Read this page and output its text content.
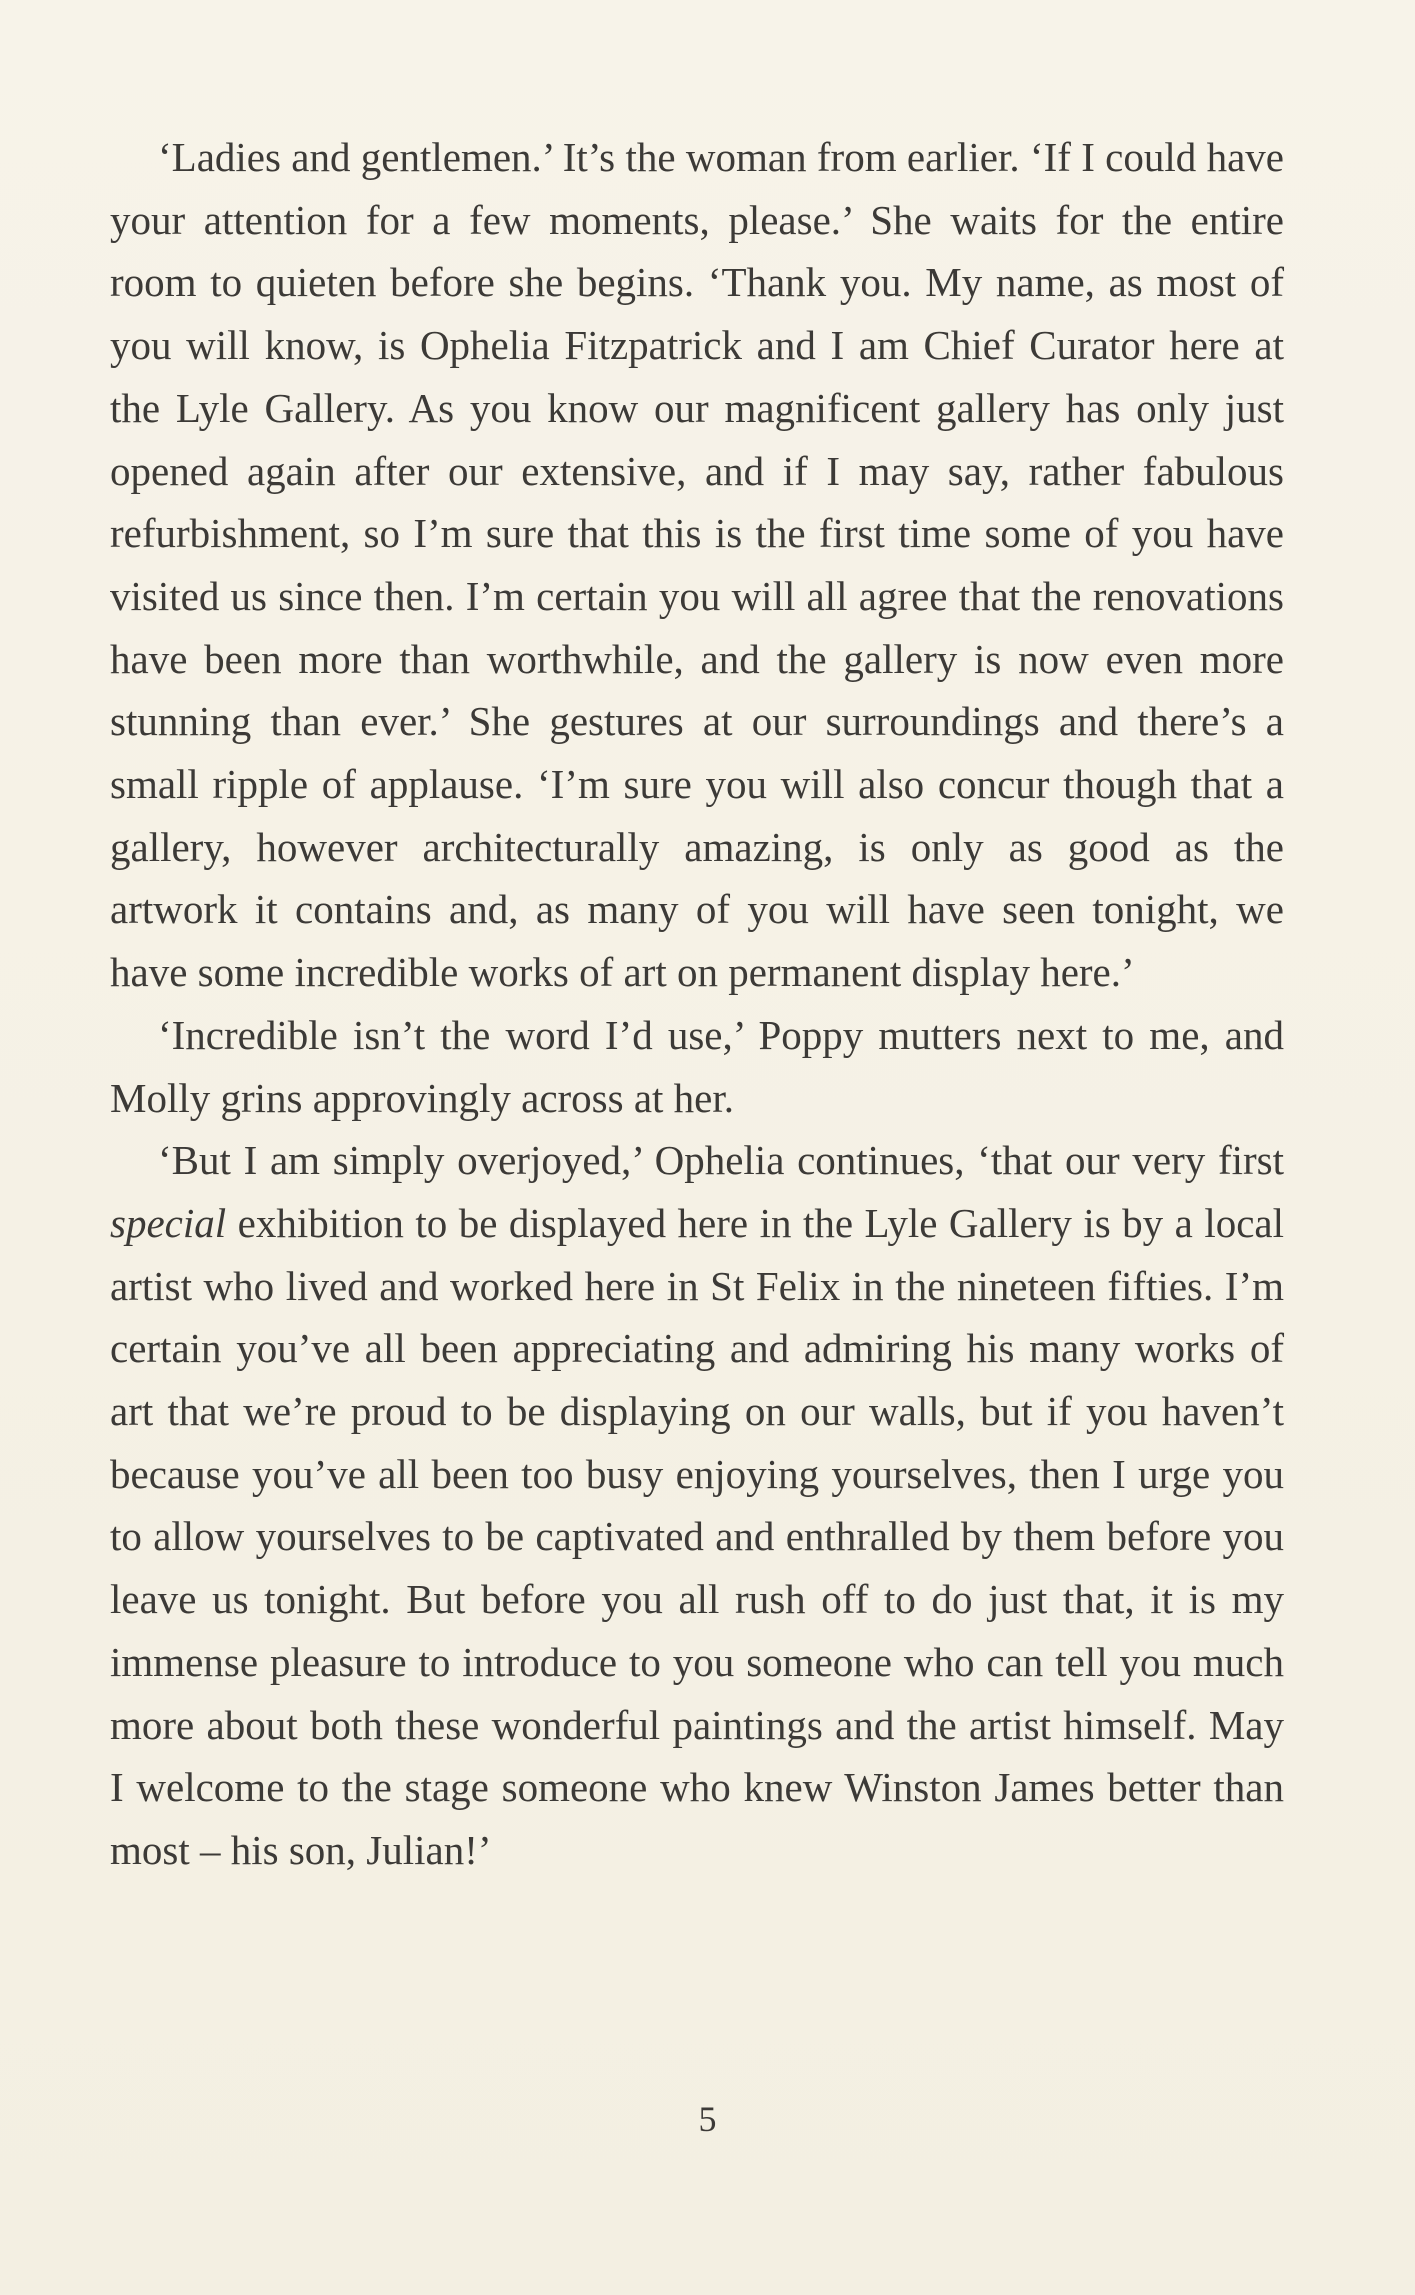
‘Ladies and gentlemen.’ It’s the woman from earlier. ‘If I could have your attention for a few moments, please.’ She waits for the entire room to quieten before she begins. ‘Thank you. My name, as most of you will know, is Ophelia Fitzpatrick and I am Chief Curator here at the Lyle Gallery. As you know our magnificent gallery has only just opened again after our extensive, and if I may say, rather fabulous refurbishment, so I’m sure that this is the first time some of you have visited us since then. I’m certain you will all agree that the renovations have been more than worthwhile, and the gallery is now even more stunning than ever.’ She gestures at our surroundings and there’s a small ripple of applause. ‘I’m sure you will also concur though that a gallery, however architecturally amazing, is only as good as the artwork it contains and, as many of you will have seen tonight, we have some incredible works of art on permanent display here.’

‘Incredible isn’t the word I’d use,’ Poppy mutters next to me, and Molly grins approvingly across at her.

‘But I am simply overjoyed,’ Ophelia continues, ‘that our very first special exhibition to be displayed here in the Lyle Gallery is by a local artist who lived and worked here in St Felix in the nineteen fifties. I’m certain you’ve all been appreciating and admiring his many works of art that we’re proud to be displaying on our walls, but if you haven’t because you’ve all been too busy enjoying yourselves, then I urge you to allow yourselves to be captivated and enthralled by them before you leave us tonight. But before you all rush off to do just that, it is my immense pleasure to introduce to you someone who can tell you much more about both these wonderful paintings and the artist himself. May I welcome to the stage someone who knew Winston James better than most – his son, Julian!’

5
